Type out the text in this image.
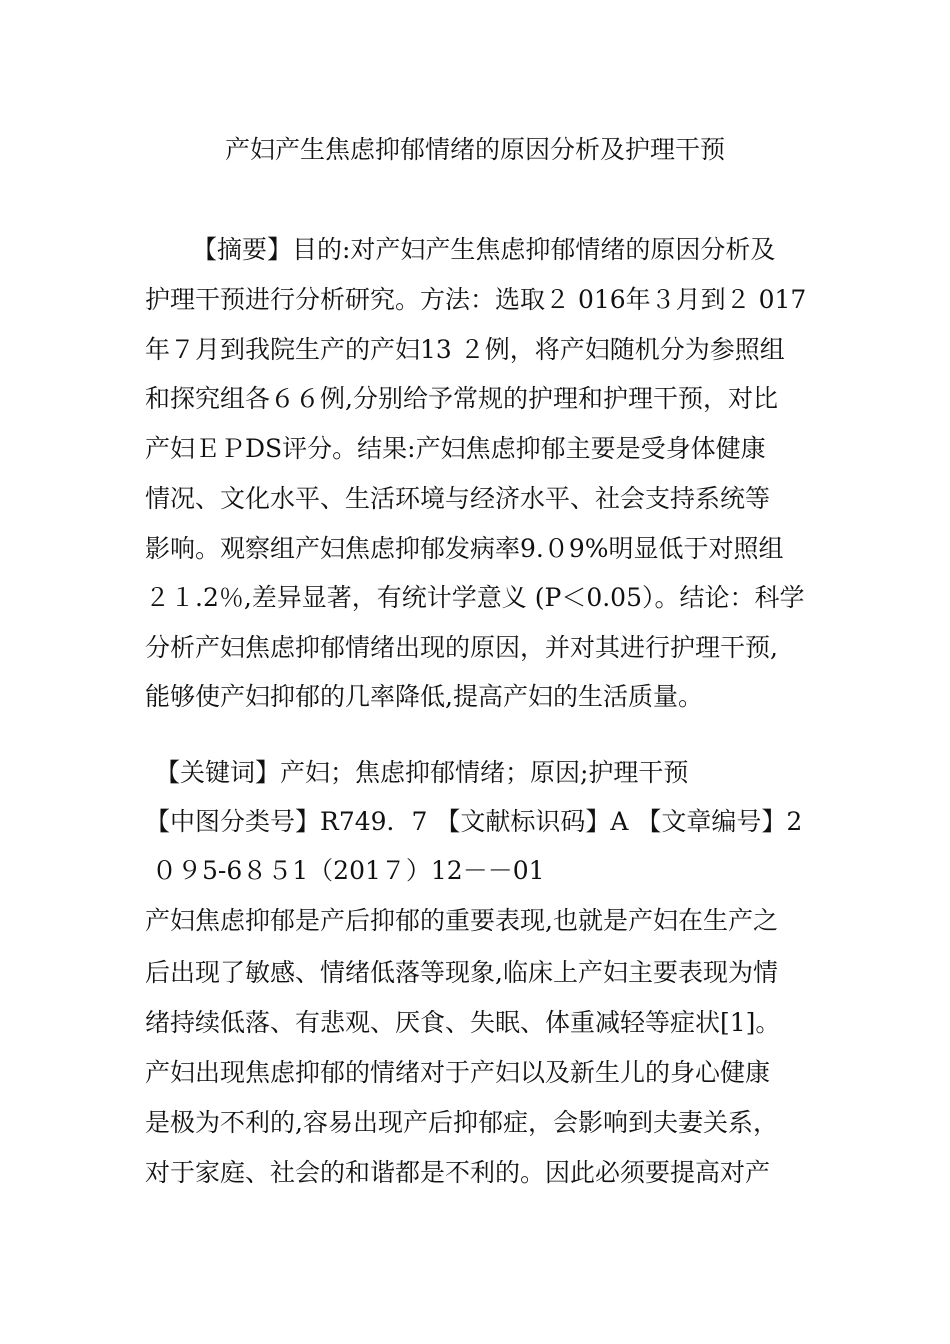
产妇产生焦虑抑郁情绪的原因分析及护理干预
【摘要】目的:对产妇产生焦虑抑郁情绪的原因分析及
护理干预进行分析研究。方法：选取２ 016年３月到２ 017
年７月到我院生产的产妇13 ２例，将产妇随机分为参照组
和探究组各６６例,分别给予常规的护理和护理干预，对比
产妇ＥＰDS评分。结果:产妇焦虑抑郁主要是受身体健康
情况、文化水平、生活环境与经济水平、社会支持系统等
影响。观察组产妇焦虑抑郁发病率9.０9%明显低于对照组
２１.2％,差异显著，有统计学意义 (P＜0.05）。结论：科学
分析产妇焦虑抑郁情绪出现的原因，并对其进行护理干预,
能够使产妇抑郁的几率降低,提高产妇的生活质量。
【关键词】产妇；焦虑抑郁情绪；原因;护理干预
【中图分类号】R749．7 【文献标识码】A 【文章编号】2
０９5-6８５1（201７）12－－01
产妇焦虑抑郁是产后抑郁的重要表现,也就是产妇在生产之
后出现了敏感、情绪低落等现象,临床上产妇主要表现为情
绪持续低落、有悲观、厌食、失眠、体重减轻等症状[1]。
产妇出现焦虑抑郁的情绪对于产妇以及新生儿的身心健康
是极为不利的,容易出现产后抑郁症，会影响到夫妻关系，
对于家庭、社会的和谐都是不利的。因此必须要提高对产
